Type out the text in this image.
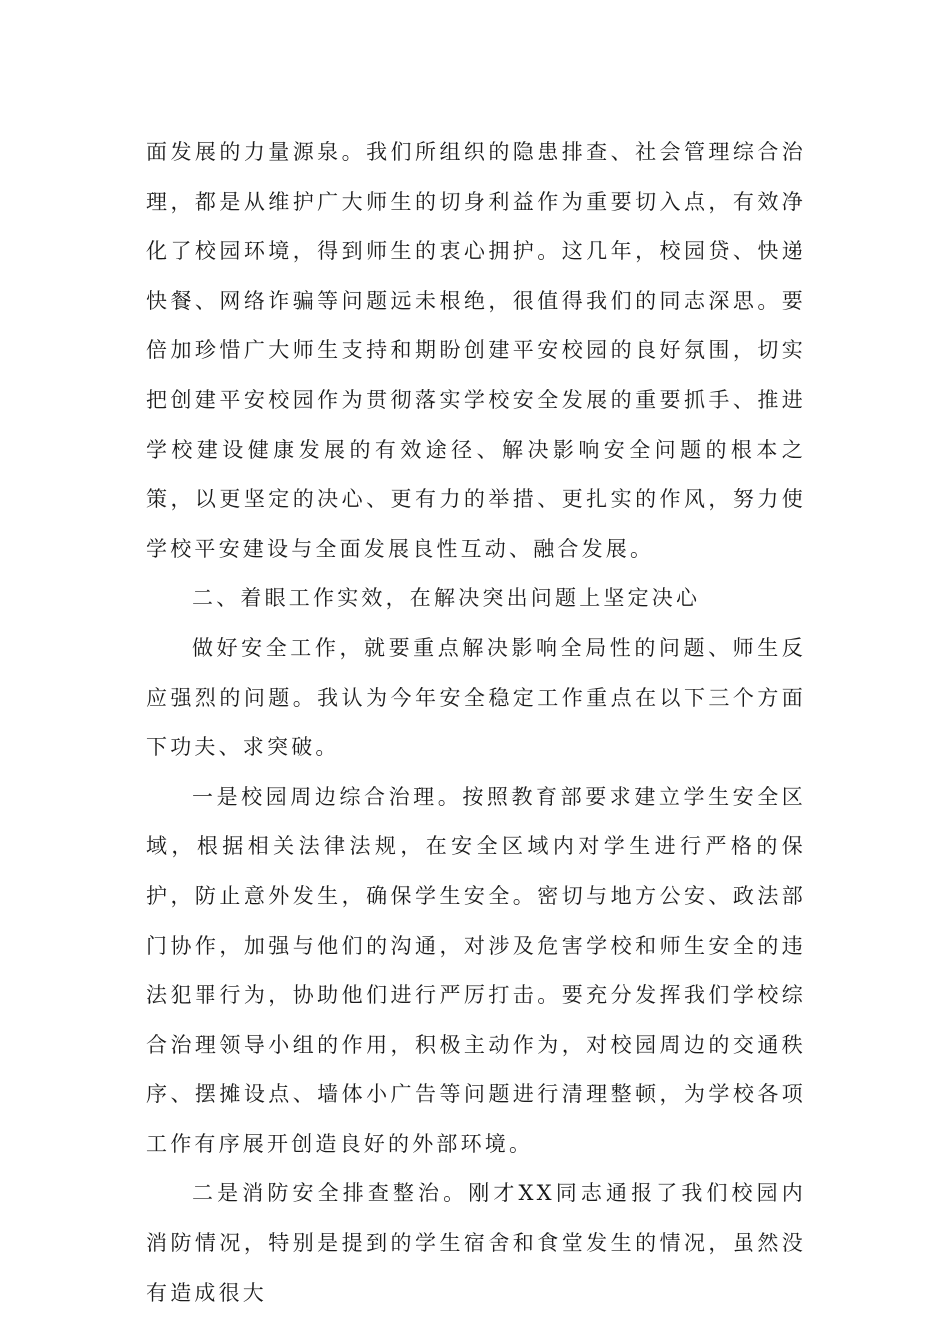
面发展的力量源泉。我们所组织的隐患排查、社会管理综合治理，都是从维护广大师生的切身利益作为重要切入点，有效净化了校园环境，得到师生的衷心拥护。这几年，校园贷、快递快餐、网络诈骗等问题远未根绝，很值得我们的同志深思。要倍加珍惜广大师生支持和期盼创建平安校园的良好氛围，切实把创建平安校园作为贯彻落实学校安全发展的重要抓手、推进学校建设健康发展的有效途径、解决影响安全问题的根本之策，以更坚定的决心、更有力的举措、更扎实的作风，努力使学校平安建设与全面发展良性互动、融合发展。

二、着眼工作实效，在解决突出问题上坚定决心

做好安全工作，就要重点解决影响全局性的问题、师生反应强烈的问题。我认为今年安全稳定工作重点在以下三个方面下功夫、求突破。

一是校园周边综合治理。按照教育部要求建立学生安全区域，根据相关法律法规，在安全区域内对学生进行严格的保护，防止意外发生，确保学生安全。密切与地方公安、政法部门协作，加强与他们的沟通，对涉及危害学校和师生安全的违法犯罪行为，协助他们进行严厉打击。要充分发挥我们学校综合治理领导小组的作用，积极主动作为，对校园周边的交通秩序、摆摊设点、墙体小广告等问题进行清理整顿，为学校各项工作有序展开创造良好的外部环境。

二是消防安全排查整治。刚才XX同志通报了我们校园内消防情况，特别是提到的学生宿舍和食堂发生的情况，虽然没有造成很大
